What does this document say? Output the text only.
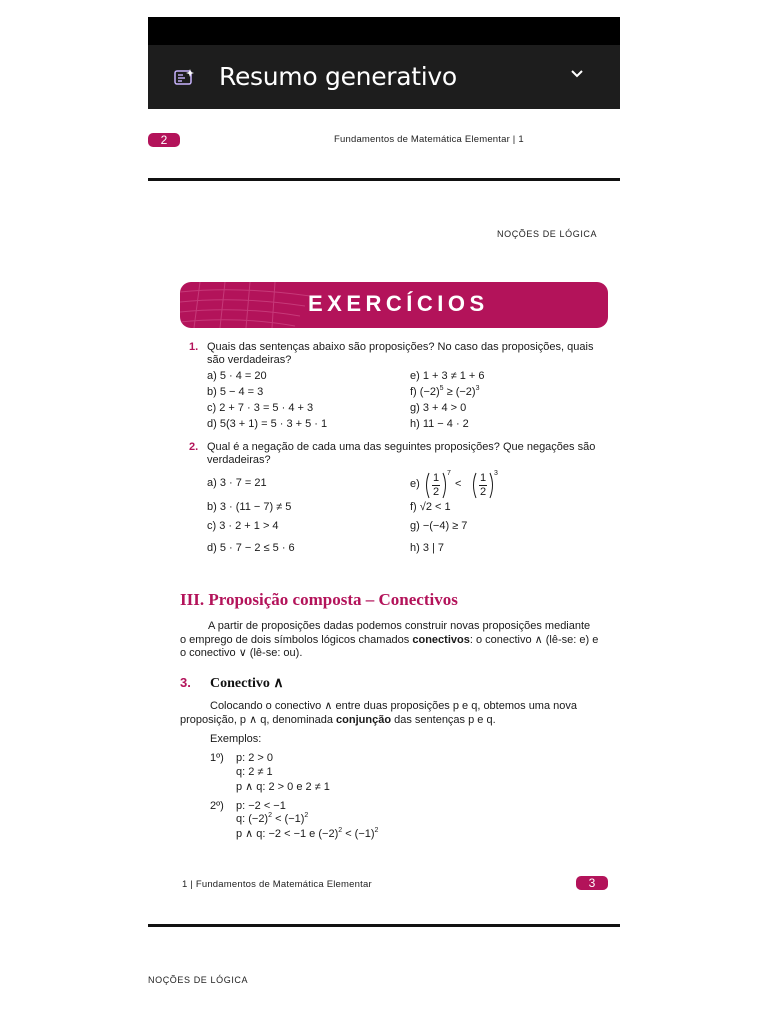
Resumo generativo
2	Fundamentos de Matemática Elementar | 1
NOÇÕES DE LÓGICA
EXERCÍCIOS
1. Quais das sentenças abaixo são proposições? No caso das proposições, quais
são verdadeiras?
a) 5 · 4 = 20
b) 5 − 4 = 3
c) 2 + 7 · 3 = 5 · 4 + 3
d) 5(3 + 1) = 5 · 3 + 5 · 1
e) 1 + 3 ≠ 1 + 6
f) $(-2)^5 \ge (-2)^3$
g) 3 + 4 > 0
h) 11 − 4 · 2
2. Qual é a negação de cada uma das seguintes proposições? Que negações são
verdadeiras?
a) 3 · 7 = 21
b) 3 · (11 − 7) ≠ 5
c) 3 · 2 + 1 > 4
d) 5 · 7 − 2 ≤ 5 · 6
e) 1
2
7
< 1
2
3
f) √2 < 1
g) −(−4) ≥ 7
h) 3 | 7
III. Proposição composta – Conectivos
A partir de proposições dadas podemos construir novas proposições mediante
o emprego de dois símbolos lógicos chamados conectivos: o conectivo ∧ (lê-se: e) e
o conectivo ∨ (lê-se: ou).
3. Conectivo ∧
Colocando o conectivo ∧ entre duas proposições p e q, obtemos uma nova
proposição, p ∧ q, denominada conjunção das sentenças p e q.
Exemplos:
1º) p: 2 > 0
q: 2 ≠ 1
p ∧ q: 2 > 0 e 2 ≠ 1
2º) p: −2 < −1
q: $(-2)^2 < (-1)^2$
p ∧ q: −2 < −1 e $(-2)^2 < (-1)^2$
1 | Fundamentos de Matemática Elementar	3
NOÇÕES DE LÓGICA
